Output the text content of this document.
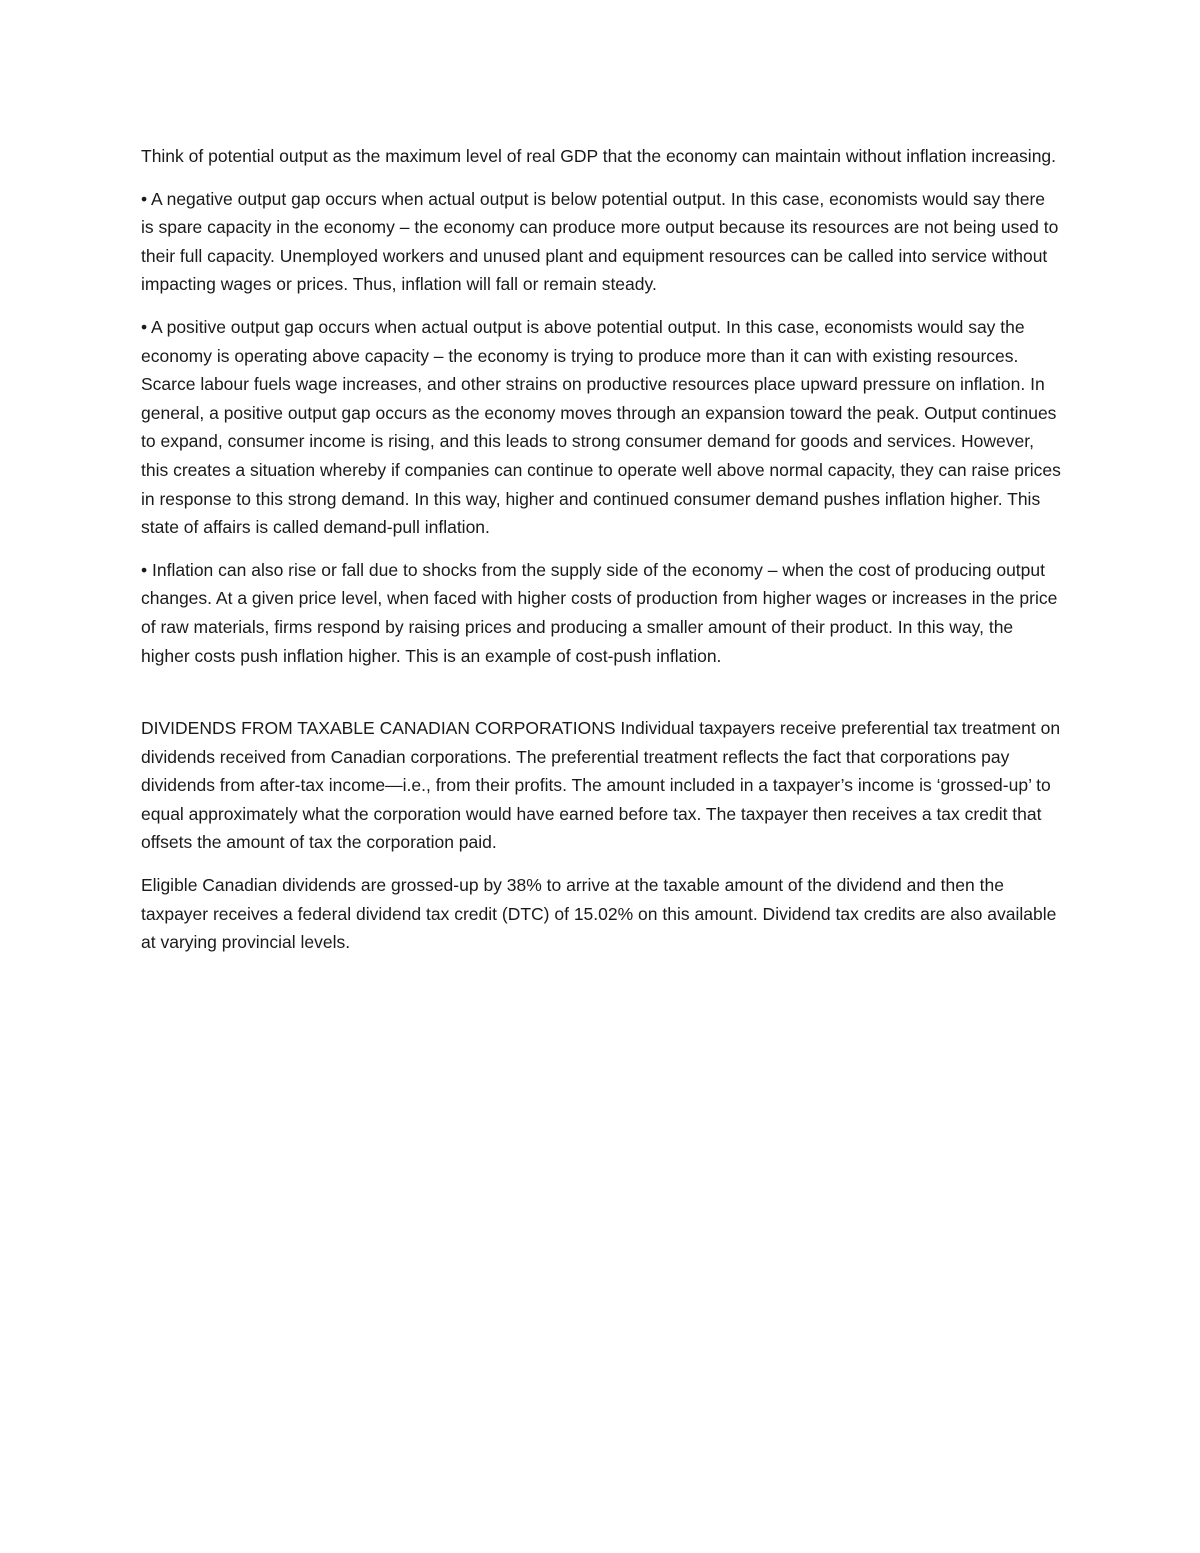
Think of potential output as the maximum level of real GDP that the economy can maintain without inflation increasing.

• A negative output gap occurs when actual output is below potential output. In this case, economists would say there is spare capacity in the economy – the economy can produce more output because its resources are not being used to their full capacity. Unemployed workers and unused plant and equipment resources can be called into service without impacting wages or prices. Thus, inflation will fall or remain steady.

• A positive output gap occurs when actual output is above potential output. In this case, economists would say the economy is operating above capacity – the economy is trying to produce more than it can with existing resources. Scarce labour fuels wage increases, and other strains on productive resources place upward pressure on inflation. In general, a positive output gap occurs as the economy moves through an expansion toward the peak. Output continues to expand, consumer income is rising, and this leads to strong consumer demand for goods and services. However, this creates a situation whereby if companies can continue to operate well above normal capacity, they can raise prices in response to this strong demand. In this way, higher and continued consumer demand pushes inflation higher. This state of affairs is called demand-pull inflation.

• Inflation can also rise or fall due to shocks from the supply side of the economy – when the cost of producing output changes. At a given price level, when faced with higher costs of production from higher wages or increases in the price of raw materials, firms respond by raising prices and producing a smaller amount of their product. In this way, the higher costs push inflation higher. This is an example of cost-push inflation.

DIVIDENDS FROM TAXABLE CANADIAN CORPORATIONS Individual taxpayers receive preferential tax treatment on dividends received from Canadian corporations. The preferential treatment reflects the fact that corporations pay dividends from after-tax income—i.e., from their profits. The amount included in a taxpayer’s income is ‘grossed-up’ to equal approximately what the corporation would have earned before tax. The taxpayer then receives a tax credit that offsets the amount of tax the corporation paid.

Eligible Canadian dividends are grossed-up by 38% to arrive at the taxable amount of the dividend and then the taxpayer receives a federal dividend tax credit (DTC) of 15.02% on this amount. Dividend tax credits are also available at varying provincial levels.
